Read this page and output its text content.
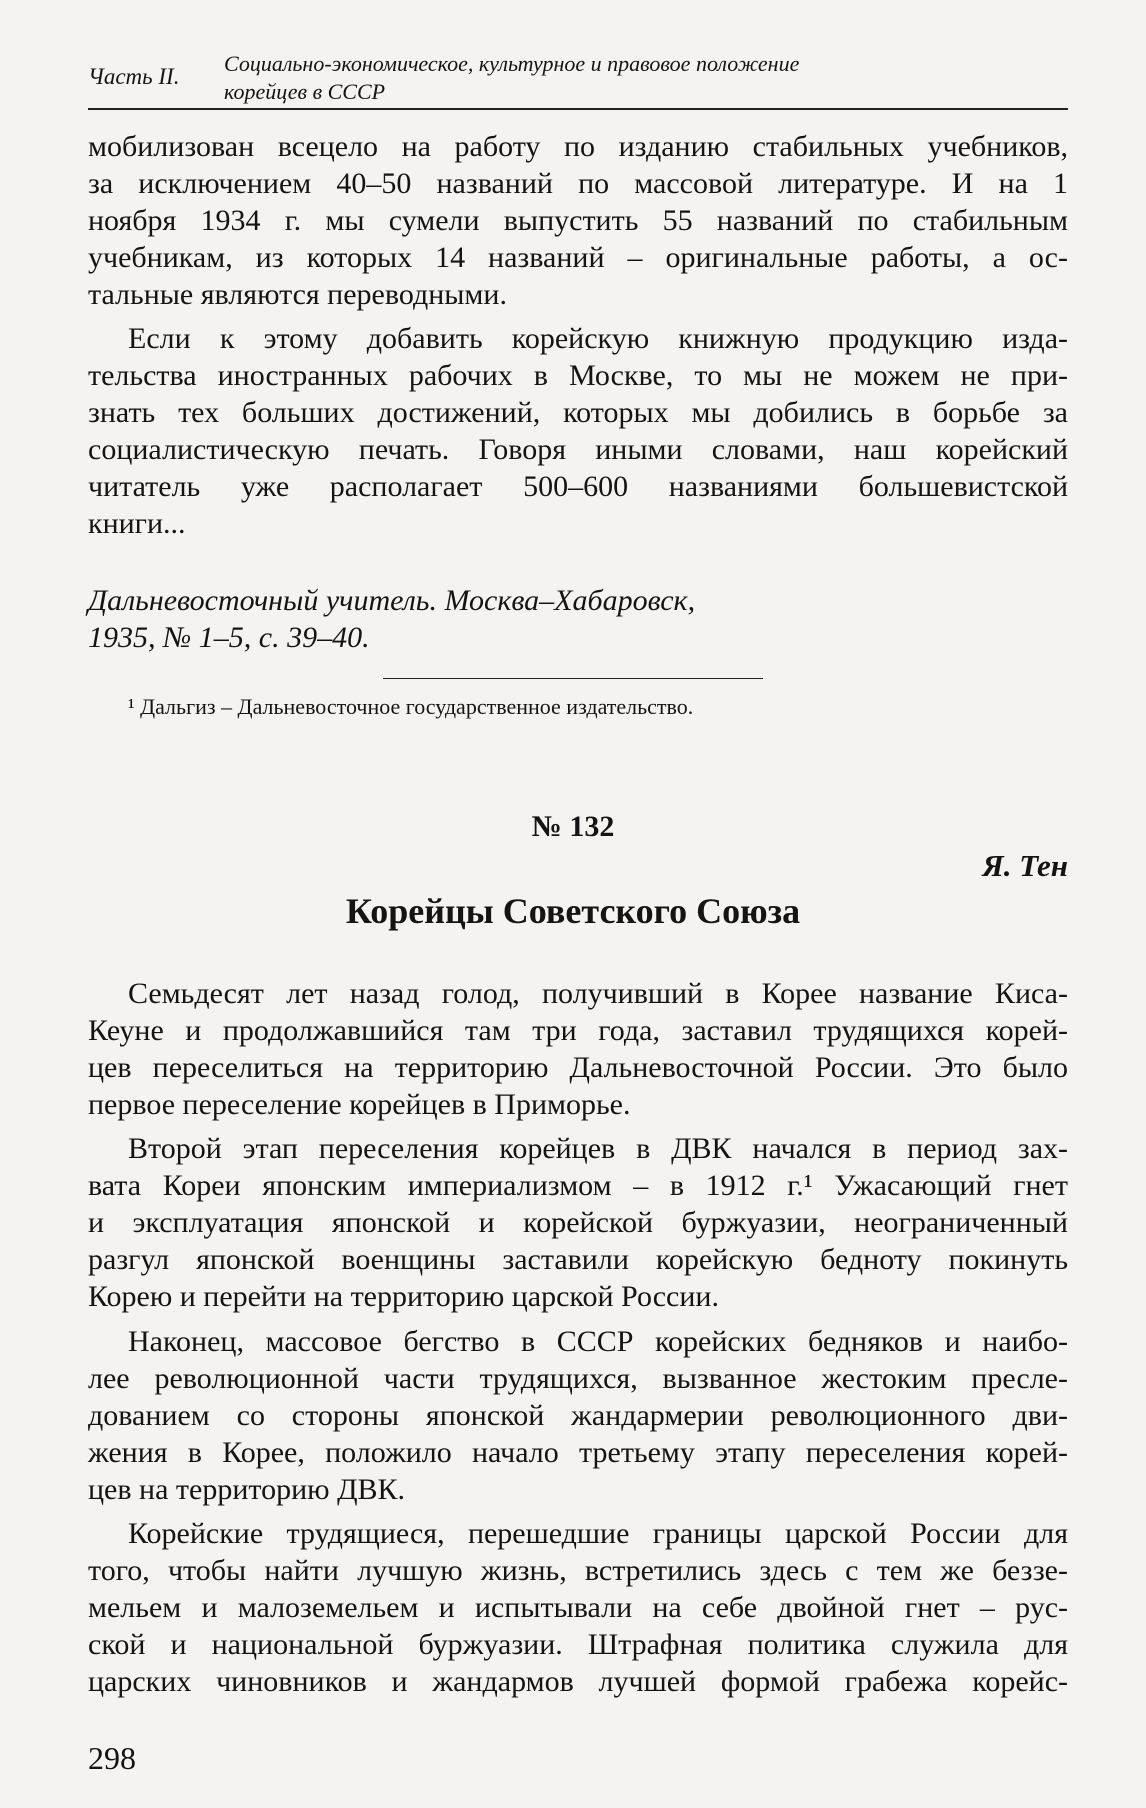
Часть II.
Социально-экономическое, культурное и правовое положение
корейцев в СССР
мобилизован всецело на работу по изданию стабильных учебников,
за исключением 40–50 названий по массовой литературе. И на 1
ноября 1934 г. мы сумели выпустить 55 названий по стабильным
учебникам, из которых 14 названий – оригинальные работы, а ос-
тальные являются переводными.
Если к этому добавить корейскую книжную продукцию изда-
тельства иностранных рабочих в Москве, то мы не можем не при-
знать тех больших достижений, которых мы добились в борьбе за
социалистическую печать. Говоря иными словами, наш корейский
читатель уже располагает 500–600 названиями большевистской
книги...
Дальневосточный учитель. Москва–Хабаровск,
1935, № 1–5, с. 39–40.
¹ Дальгиз – Дальневосточное государственное издательство.
№ 132
Я. Тен
Корейцы Советского Союза
Семьдесят лет назад голод, получивший в Корее название Киса-
Кеуне и продолжавшийся там три года, заставил трудящихся корей-
цев переселиться на территорию Дальневосточной России. Это было
первое переселение корейцев в Приморье.
Второй этап переселения корейцев в ДВК начался в период зах-
вата Кореи японским империализмом – в 1912 г.¹ Ужасающий гнет
и эксплуатация японской и корейской буржуазии, неограниченный
разгул японской военщины заставили корейскую бедноту покинуть
Корею и перейти на территорию царской России.
Наконец, массовое бегство в СССР корейских бедняков и наибо-
лее революционной части трудящихся, вызванное жестоким пресле-
дованием со стороны японской жандармерии революционного дви-
жения в Корее, положило начало третьему этапу переселения корей-
цев на территорию ДВК.
Корейские трудящиеся, перешедшие границы царской России для
того, чтобы найти лучшую жизнь, встретились здесь с тем же беззе-
мельем и малоземельем и испытывали на себе двойной гнет – рус-
ской и национальной буржуазии. Штрафная политика служила для
царских чиновников и жандармов лучшей формой грабежа корейс-
298
